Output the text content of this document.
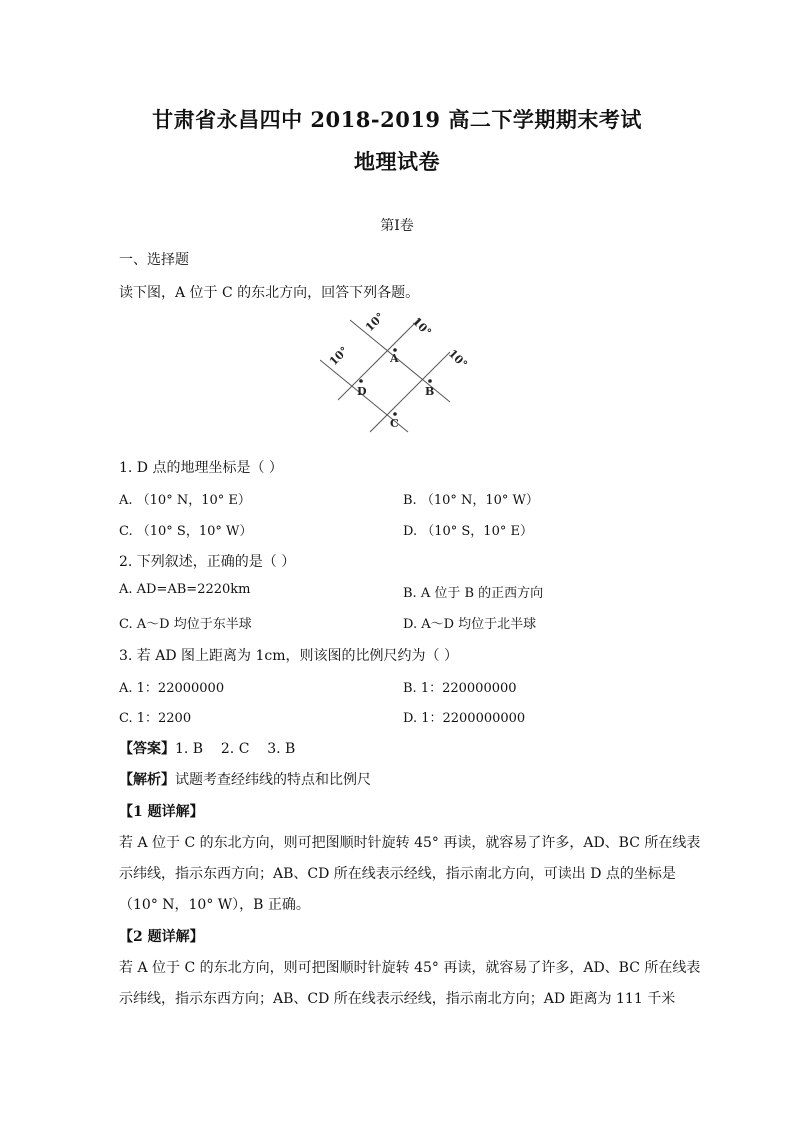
甘肃省永昌四中 2018-2019 高二下学期期末考试
地理试卷
第Ⅰ卷
一、选择题
读下图，A 位于 C 的东北方向，回答下列各题。
A
B
C
D
10° 10°
10°	10°
1. D 点的地理坐标是（ ）
A. （10° N，10° E）	B. （10° N，10° W）
C. （10° S，10° W）	D. （10° S，10° E）
2. 下列叙述，正确的是（ ）
A. AD=AB=2220km	B. A 位于 B 的正西方向
C. A～D 均位于东半球	D. A～D 均位于北半球
3. 若 AD 图上距离为 1cm，则该图的比例尺约为（ ）
A. 1：22000000	B. 1：220000000
C. 1：2200	D. 1：2200000000
【答案】1. B    2. C    3. B
【解析】试题考查经纬线的特点和比例尺
【1 题详解】
若 A 位于 C 的东北方向，则可把图顺时针旋转 45° 再读，就容易了许多，AD、BC 所在线表
示纬线，指示东西方向；AB、CD 所在线表示经线，指示南北方向，可读出 D 点的坐标是
（10° N，10° W），B 正确。
【2 题详解】
若 A 位于 C 的东北方向，则可把图顺时针旋转 45° 再读，就容易了许多，AD、BC 所在线表
示纬线，指示东西方向；AB、CD 所在线表示经线，指示南北方向；AD 距离为 111 千米
